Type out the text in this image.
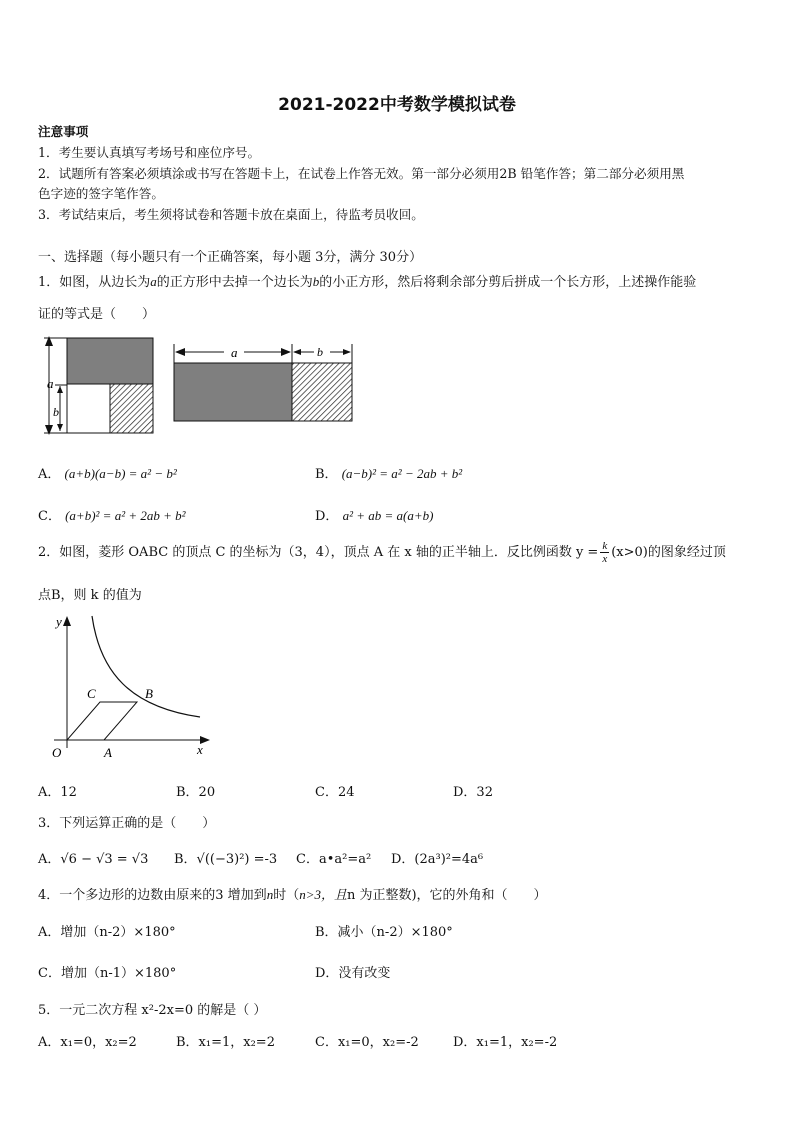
2021-2022中考数学模拟试卷
注意事项
1．考生要认真填写考场号和座位序号。
2．试题所有答案必须填涂或书写在答题卡上，在试卷上作答无效。第一部分必须用2B 铅笔作答；第二部分必须用黑
色字迹的签字笔作答。
3．考试结束后，考生须将试卷和答题卡放在桌面上，待监考员收回。
一、选择题（每小题只有一个正确答案，每小题 3分，满分 30分）
1．如图，从边长为a的正方形中去掉一个边长为b的小正方形，然后将剩余部分剪后拼成一个长方形，上述操作能验
证的等式是（　　）
a
b
a	b
A． (a+b)(a−b) = a² − b²	B． (a−b)² = a² − 2ab + b²
C． (a+b)² = a² + 2ab + b²	D． a² + ab = a(a+b)
2．如图，菱形 OABC 的顶点 C 的坐标为（3，4），顶点 A 在 x 轴的正半轴上．反比例函数 $y = \frac{k}{x} (x>0)$的图象经过顶
点B，则 k 的值为
y
x
O	A
B
C
A．12	B．20	C．24	D．32
3．下列运算正确的是（　　）
A．√6 − √3 = √3 B．√((−3)²) =-3 C．a•a²=a² D．(2a³)²=4a⁶
4．一个多边形的边数由原来的3 增加到n时（n>3，且n 为正整数)，它的外角和（　　）
A．增加（n-2）×180°	B．减小（n-2）×180°
C．增加（n-1）×180°	D．没有改变
5．一元二次方程 x²-2x=0 的解是（ ）
A．x₁=0，x₂=2	B．x₁=1，x₂=2	C．x₁=0，x₂=-2	D．x₁=1，x₂=-2
